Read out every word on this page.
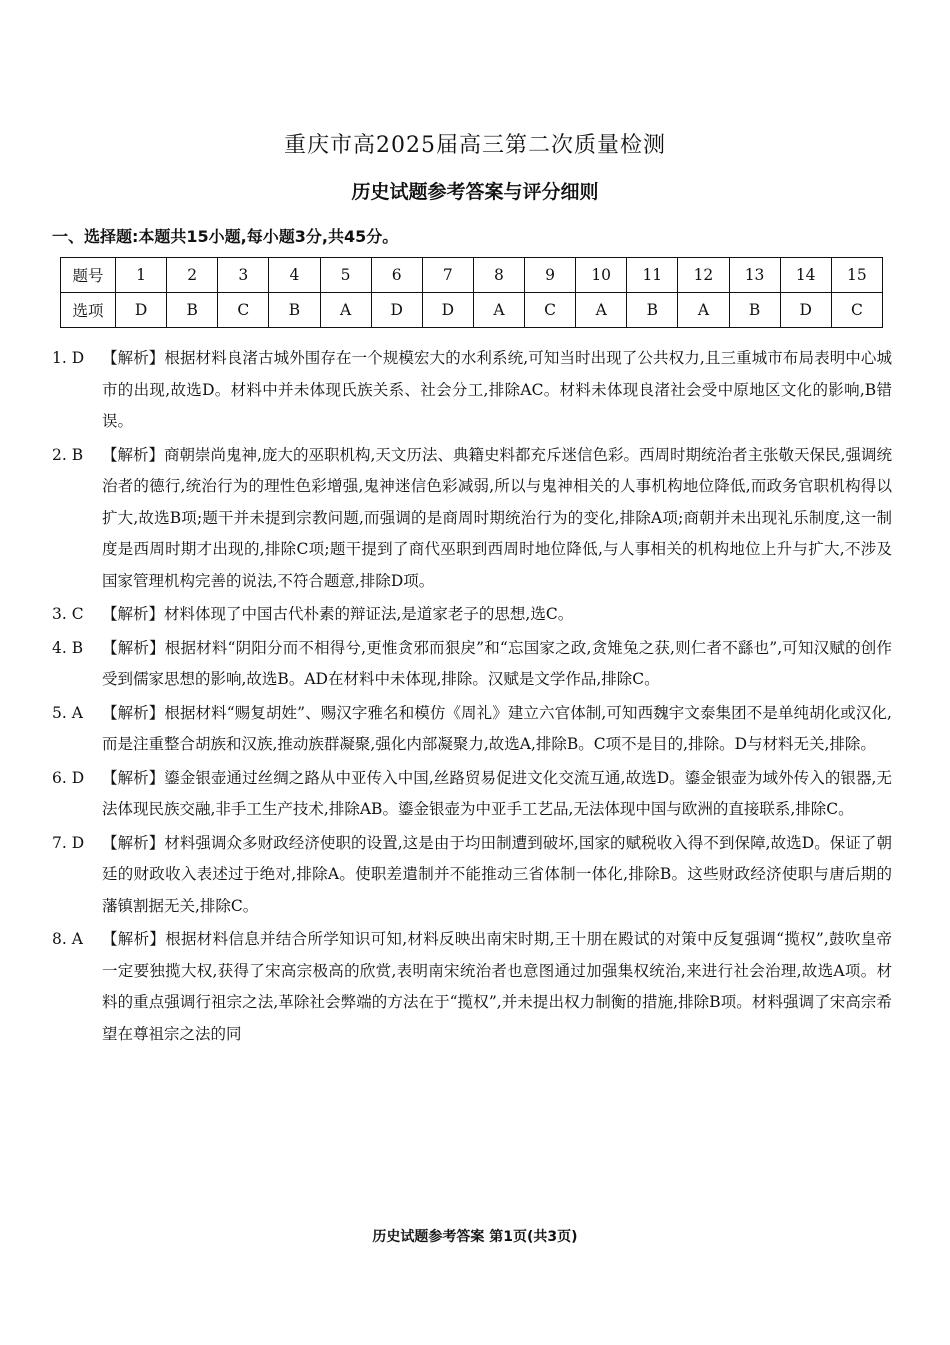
重庆市高2025届高三第二次质量检测
历史试题参考答案与评分细则
一、选择题:本题共15小题,每小题3分,共45分。
题号	1	2	3	4	5	6	7	8	9	10	11	12	13	14	15
选项	D	B	C	B	A	D	D	A	C	A	B	A	B	D	C
1. D	【解析】根据材料良渚古城外围存在一个规模宏大的水利系统,可知当时出现了公共权力,且三重城市布局表明中心城市的出现,故选D。材料中并未体现氏族关系、社会分工,排除AC。材料未体现良渚社会受中原地区文化的影响,B错误。
2. B	【解析】商朝崇尚鬼神,庞大的巫职机构,天文历法、典籍史料都充斥迷信色彩。西周时期统治者主张敬天保民,强调统治者的德行,统治行为的理性色彩增强,鬼神迷信色彩减弱,所以与鬼神相关的人事机构地位降低,而政务官职机构得以扩大,故选B项;题干并未提到宗教问题,而强调的是商周时期统治行为的变化,排除A项;商朝并未出现礼乐制度,这一制度是西周时期才出现的,排除C项;题干提到了商代巫职到西周时地位降低,与人事相关的机构地位上升与扩大,不涉及国家管理机构完善的说法,不符合题意,排除D项。
3. C	【解析】材料体现了中国古代朴素的辩证法,是道家老子的思想,选C。
4. B	【解析】根据材料“阴阳分而不相得兮,更惟贪邪而狠戾”和“忘国家之政,贪雉兔之获,则仁者不繇也”,可知汉赋的创作受到儒家思想的影响,故选B。AD在材料中未体现,排除。汉赋是文学作品,排除C。
5. A	【解析】根据材料“赐复胡姓”、赐汉字雅名和模仿《周礼》建立六官体制,可知西魏宇文泰集团不是单纯胡化或汉化,而是注重整合胡族和汉族,推动族群凝聚,强化内部凝聚力,故选A,排除B。C项不是目的,排除。D与材料无关,排除。
6. D	【解析】鎏金银壶通过丝绸之路从中亚传入中国,丝路贸易促进文化交流互通,故选D。鎏金银壶为域外传入的银器,无法体现民族交融,非手工生产技术,排除AB。鎏金银壶为中亚手工艺品,无法体现中国与欧洲的直接联系,排除C。
7. D	【解析】材料强调众多财政经济使职的设置,这是由于均田制遭到破坏,国家的赋税收入得不到保障,故选D。保证了朝廷的财政收入表述过于绝对,排除A。使职差遣制并不能推动三省体制一体化,排除B。这些财政经济使职与唐后期的藩镇割据无关,排除C。
8. A	【解析】根据材料信息并结合所学知识可知,材料反映出南宋时期,王十朋在殿试的对策中反复强调“揽权”,鼓吹皇帝一定要独揽大权,获得了宋高宗极高的欣赏,表明南宋统治者也意图通过加强集权统治,来进行社会治理,故选A项。材料的重点强调行祖宗之法,革除社会弊端的方法在于“揽权”,并未提出权力制衡的措施,排除B项。材料强调了宋高宗希望在尊祖宗之法的同
历史试题参考答案 第1页(共3页)
